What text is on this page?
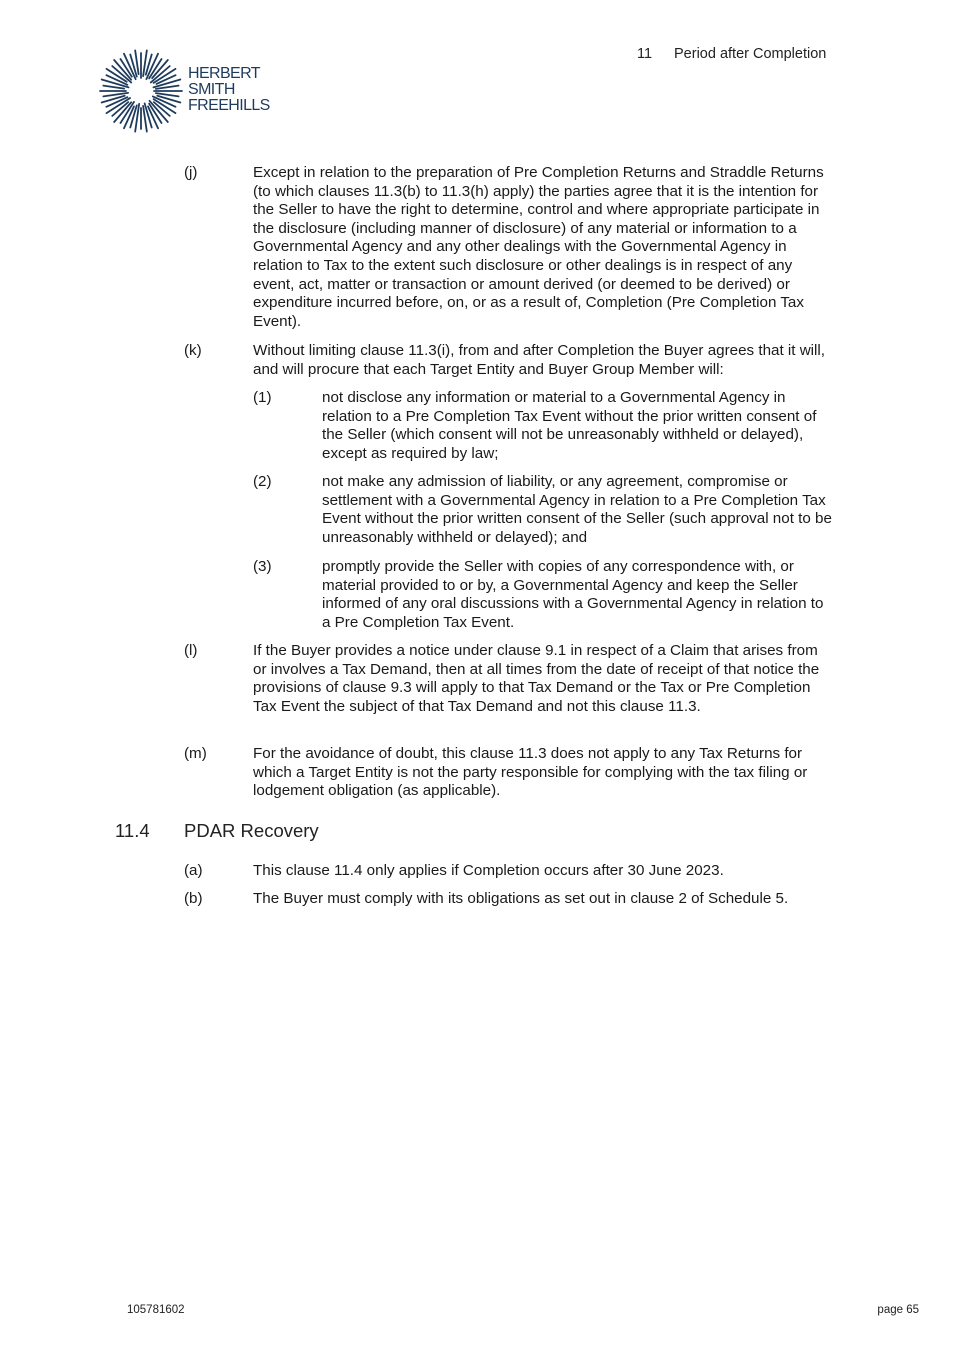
HERBERT
SMITH
FREEHILLS
11 Period after Completion
(j)	Except in relation to the preparation of Pre Completion Returns and Straddle Returns (to which clauses 11.3(b) to 11.3(h) apply) the parties agree that it is the intention for the Seller to have the right to determine, control and where appropriate participate in the disclosure (including manner of disclosure) of any material or information to a Governmental Agency and any other dealings with the Governmental Agency in relation to Tax to the extent such disclosure or other dealings is in respect of any event, act, matter or transaction or amount derived (or deemed to be derived) or expenditure incurred before, on, or as a result of, Completion (Pre Completion Tax Event).
(k)	Without limiting clause 11.3(i), from and after Completion the Buyer agrees that it will, and will procure that each Target Entity and Buyer Group Member will:
(1)	not disclose any information or material to a Governmental Agency in relation to a Pre Completion Tax Event without the prior written consent of the Seller (which consent will not be unreasonably withheld or delayed), except as required by law;
(2)	not make any admission of liability, or any agreement, compromise or settlement with a Governmental Agency in relation to a Pre Completion Tax Event without the prior written consent of the Seller (such approval not to be unreasonably withheld or delayed); and
(3)	promptly provide the Seller with copies of any correspondence with, or material provided to or by, a Governmental Agency and keep the Seller informed of any oral discussions with a Governmental Agency in relation to a Pre Completion Tax Event.
(l)	If the Buyer provides a notice under clause 9.1 in respect of a Claim that arises from or involves a Tax Demand, then at all times from the date of receipt of that notice the provisions of clause 9.3 will apply to that Tax Demand or the Tax or Pre Completion Tax Event the subject of that Tax Demand and not this clause 11.3.
(m)	For the avoidance of doubt, this clause 11.3 does not apply to any Tax Returns for which a Target Entity is not the party responsible for complying with the tax filing or lodgement obligation (as applicable).
11.4 PDAR Recovery
(a)	This clause 11.4 only applies if Completion occurs after 30 June 2023.
(b)	The Buyer must comply with its obligations as set out in clause 2 of Schedule 5.
105781602	page 65
